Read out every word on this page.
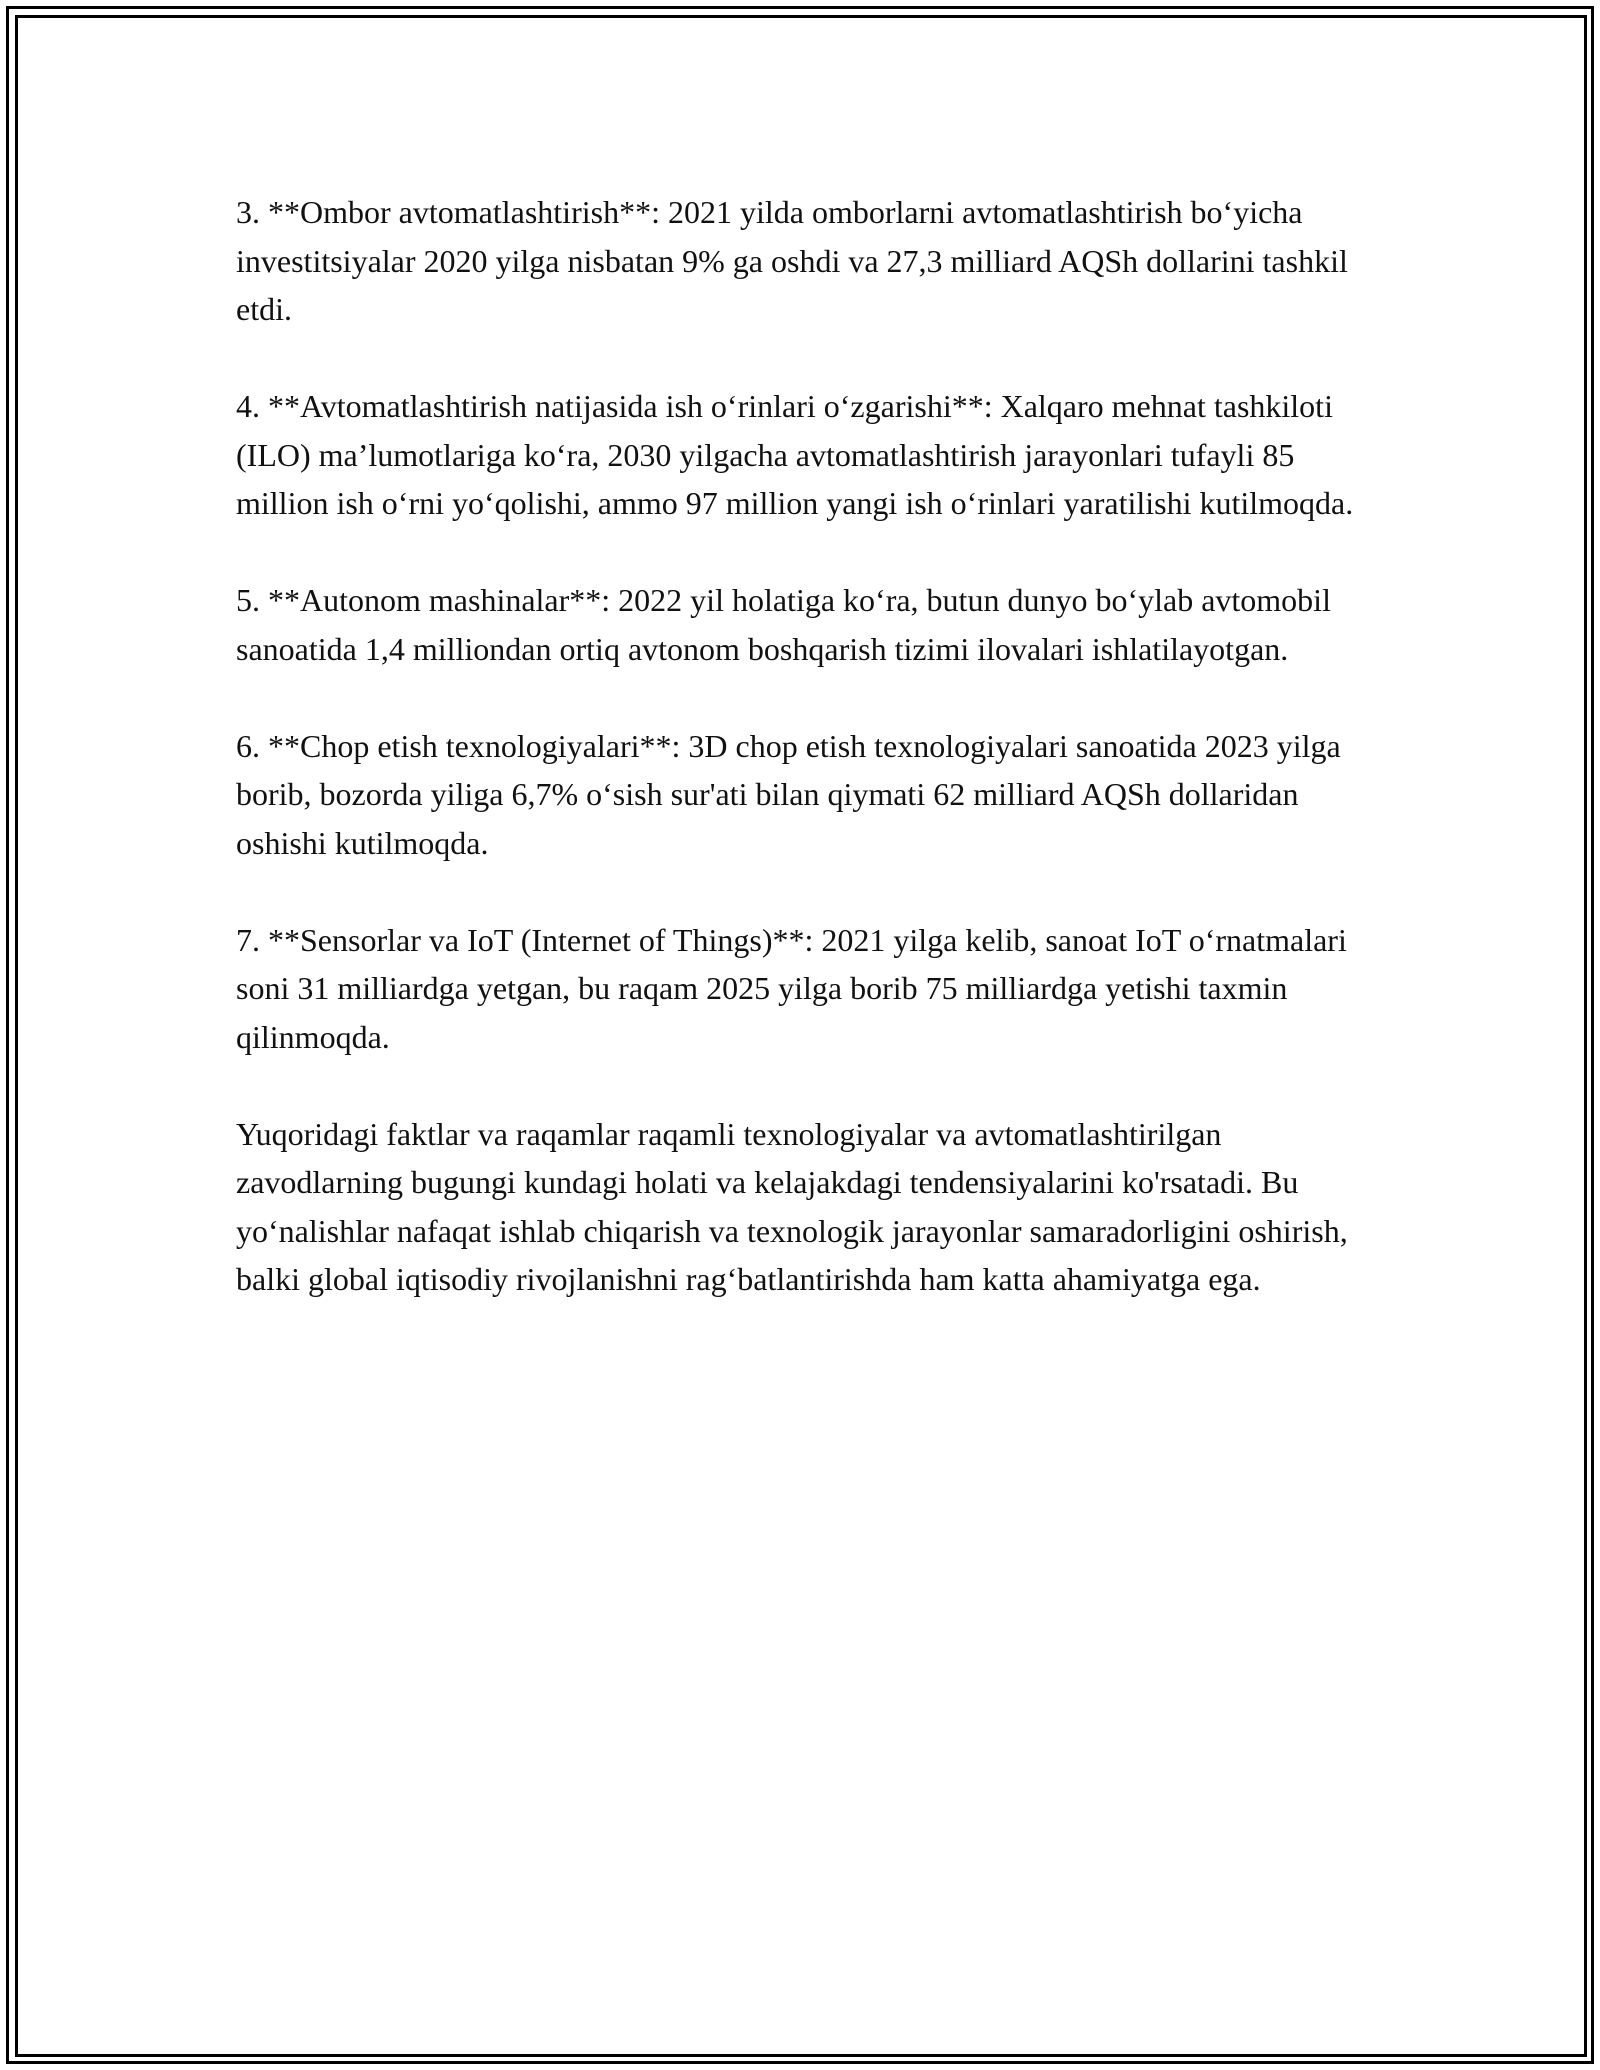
3. **Ombor avtomatlashtirish**: 2021 yilda omborlarni avtomatlashtirish bo‘yicha investitsiyalar 2020 yilga nisbatan 9% ga oshdi va 27,3 milliard AQSh dollarini tashkil etdi.

4. **Avtomatlashtirish natijasida ish o‘rinlari o‘zgarishi**: Xalqaro mehnat tashkiloti (ILO) ma’lumotlariga ko‘ra, 2030 yilgacha avtomatlashtirish jarayonlari tufayli 85 million ish o‘rni yo‘qolishi, ammo 97 million yangi ish o‘rinlari yaratilishi kutilmoqda.

5. **Autonom mashinalar**: 2022 yil holatiga ko‘ra, butun dunyo bo‘ylab avtomobil sanoatida 1,4 milliondan ortiq avtonom boshqarish tizimi ilovalari ishlatilayotgan.

6. **Chop etish texnologiyalari**: 3D chop etish texnologiyalari sanoatida 2023 yilga borib, bozorda yiliga 6,7% o‘sish sur'ati bilan qiymati 62 milliard AQSh dollaridan oshishi kutilmoqda.

7. **Sensorlar va IoT (Internet of Things)**: 2021 yilga kelib, sanoat IoT o‘rnatmalari soni 31 milliardga yetgan, bu raqam 2025 yilga borib 75 milliardga yetishi taxmin qilinmoqda.

Yuqoridagi faktlar va raqamlar raqamli texnologiyalar va avtomatlashtirilgan zavodlarning bugungi kundagi holati va kelajakdagi tendensiyalarini ko'rsatadi. Bu yo‘nalishlar nafaqat ishlab chiqarish va texnologik jarayonlar samaradorligini oshirish, balki global iqtisodiy rivojlanishni rag‘batlantirishda ham katta ahamiyatga ega.
